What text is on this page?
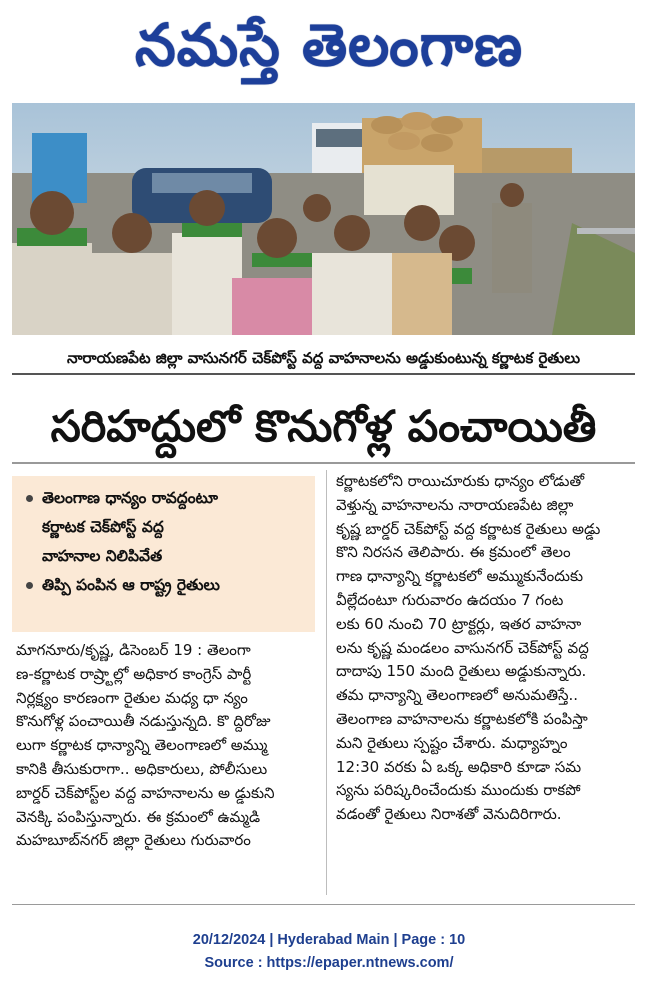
నమస్తే తెలంగాణ
నారాయణపేట జిల్లా వాసునగర్‌ చెక్‌పోస్ట్‌ వద్ద వాహనాలను అడ్డుకుంటున్న కర్ణాటక రైతులు
సరిహద్దులో కొనుగోళ్ల పంచాయితీ
తెలంగాణ ధాన్యం రావద్దంటూ
కర్ణాటక చెక్‌పోస్ట్‌ వద్ద
వాహనాల నిలిపివేత
తిప్పి పంపిన ఆ రాష్ట్ర రైతులు
మాగనూరు/కృష్ణ, డిసెంబర్‌ 19 : తెలంగా
ణ-కర్ణాటక రాష్ర్టాల్లో అధికార కాంగ్రెస్‌ పార్టీ
నిర్లక్ష్యం కారణంగా రైతుల మధ్య ధా న్యం
కొనుగోళ్ల పంచాయితీ నడుస్తున్నది. కొ ద్దిరోజు
లుగా కర్ణాటక ధాన్యాన్ని తెలంగాణలో అమ్ము
కానికి తీసుకురాగా.. అధికారులు, పోలీసులు
బార్డర్‌ చెక్‌పోస్ట్‌ల వద్ద వాహనాలను అ డ్డుకుని
వెనక్కి పంపిస్తున్నారు. ఈ క్రమంలో ఉమ్మడి
మహబూబ్‌నగర్‌ జిల్లా రైతులు గురువారం
కర్ణాటకలోని రాయిచూరుకు ధాన్యం లోడుతో
వెళ్తున్న వాహనాలను నారాయణపేట జిల్లా
కృష్ణ బార్డర్‌ చెక్‌పోస్ట్‌ వద్ద కర్ణాటక రైతులు అడ్డు
కొని నిరసన తెలిపారు. ఈ క్రమంలో తెలం
గాణ ధాన్యాన్ని కర్ణాటకలో అమ్ముకునేందుకు
వీల్లేదంటూ గురువారం ఉదయం 7 గంట
లకు 60 నుంచి 70 ట్రాక్టర్లు, ఇతర వాహనా
లను కృష్ణ మండలం వాసునగర్‌ చెక్‌పోస్ట్‌ వద్ద
దాదాపు 150 మంది రైతులు అడ్డుకున్నారు.
తమ ధాన్యాన్ని తెలంగాణలో అనుమతిస్తే..
తెలంగాణ వాహనాలను కర్ణాటకలోకి పంపిస్తా
మని రైతులు స్పష్టం చేశారు. మధ్యాహ్నం
12:30 వరకు ఏ ఒక్క అధికారి కూడా సమ
స్యను పరిష్కరించేందుకు ముందుకు రాకపో
వడంతో రైతులు నిరాశతో వెనుదిరిగారు.
20/12/2024 | Hyderabad Main | Page : 10
Source : https://epaper.ntnews.com/
